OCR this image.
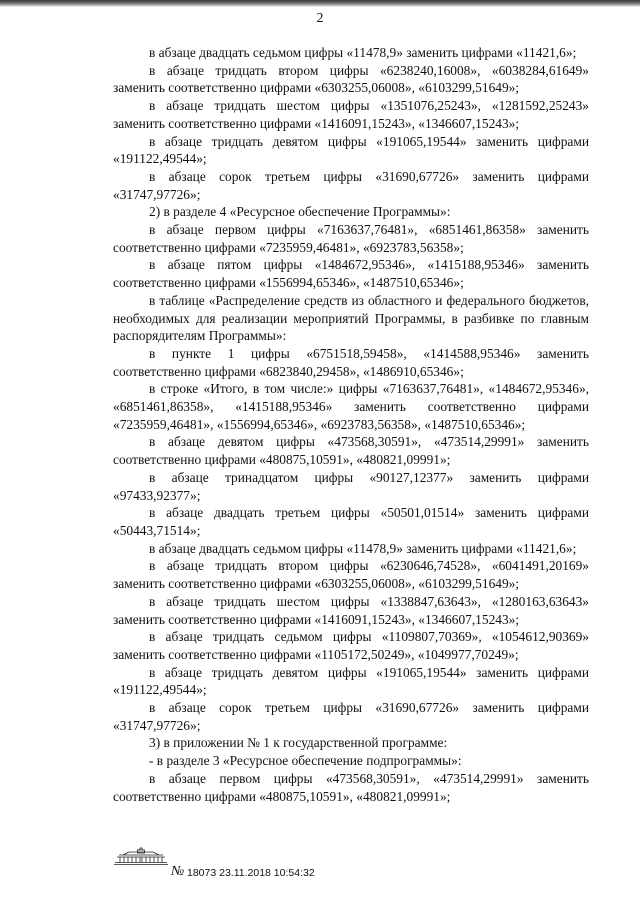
2

в абзаце двадцать седьмом цифры «11478,9» заменить цифрами «11421,6»;

в абзаце тридцать втором цифры «6238240,16008», «6038284,61649» заменить соответственно цифрами «6303255,06008», «6103299,51649»;

в абзаце тридцать шестом цифры «1351076,25243», «1281592,25243» заменить соответственно цифрами «1416091,15243», «1346607,15243»;

в абзаце тридцать девятом цифры «191065,19544» заменить цифрами «191122,49544»;

в абзаце сорок третьем цифры «31690,67726» заменить цифрами «31747,97726»;

2) в разделе 4 «Ресурсное обеспечение Программы»:

в абзаце первом цифры «7163637,76481», «6851461,86358» заменить соответственно цифрами «7235959,46481», «6923783,56358»;

в абзаце пятом цифры «1484672,95346», «1415188,95346» заменить соответственно цифрами «1556994,65346», «1487510,65346»;

в таблице «Распределение средств из областного и федерального бюджетов, необходимых для реализации мероприятий Программы, в разбивке по главным распорядителям Программы»:

в пункте 1 цифры «6751518,59458», «1414588,95346» заменить соответственно цифрами «6823840,29458», «1486910,65346»;

в строке «Итого, в том числе:» цифры «7163637,76481», «1484672,95346», «6851461,86358», «1415188,95346» заменить соответственно цифрами «7235959,46481», «1556994,65346», «6923783,56358», «1487510,65346»;

в абзаце девятом цифры «473568,30591», «473514,29991» заменить соответственно цифрами «480875,10591», «480821,09991»;

в абзаце тринадцатом цифры «90127,12377» заменить цифрами «97433,92377»;

в абзаце двадцать третьем цифры «50501,01514» заменить цифрами «50443,71514»;

в абзаце двадцать седьмом цифры «11478,9» заменить цифрами «11421,6»;

в абзаце тридцать втором цифры «6230646,74528», «6041491,20169» заменить соответственно цифрами «6303255,06008», «6103299,51649»;

в абзаце тридцать шестом цифры «1338847,63643», «1280163,63643» заменить соответственно цифрами «1416091,15243», «1346607,15243»;

в абзаце тридцать седьмом цифры «1109807,70369», «1054612,90369» заменить соответственно цифрами «1105172,50249», «1049977,70249»;

в абзаце тридцать девятом цифры «191065,19544» заменить цифрами «191122,49544»;

в абзаце сорок третьем цифры «31690,67726» заменить цифрами «31747,97726»;

3) в приложении № 1 к государственной программе:

- в разделе 3 «Ресурсное обеспечение подпрограммы»:

в абзаце первом цифры «473568,30591», «473514,29991» заменить соответственно цифрами «480875,10591», «480821,09991»;

№ 18073 23.11.2018 10:54:32
